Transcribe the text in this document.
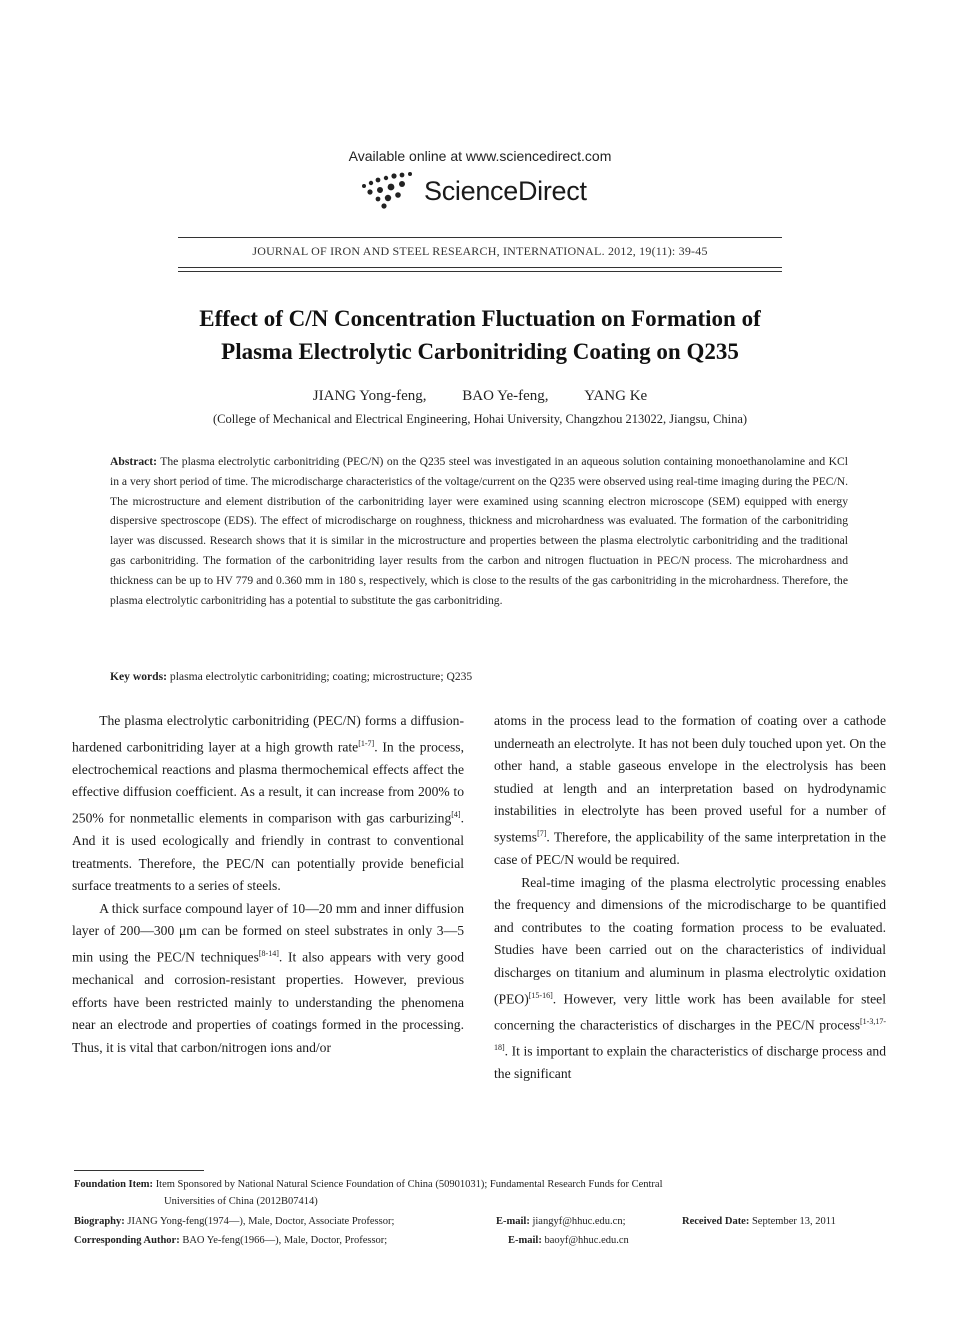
Available online at www.sciencedirect.com
ScienceDirect
JOURNAL OF IRON AND STEEL RESEARCH, INTERNATIONAL. 2012, 19(11): 39-45
Effect of C/N Concentration Fluctuation on Formation of
Plasma Electrolytic Carbonitriding Coating on Q235
JIANG Yong-feng, BAO Ye-feng, YANG Ke
(College of Mechanical and Electrical Engineering, Hohai University, Changzhou 213022, Jiangsu, China)
Abstract: The plasma electrolytic carbonitriding (PEC/N) on the Q235 steel was investigated in an aqueous solution containing monoethanolamine and KCl in a very short period of time. The microdischarge characteristics of the voltage/current on the Q235 were observed using real-time imaging during the PEC/N. The microstructure and element distribution of the carbonitriding layer were examined using scanning electron microscope (SEM) equipped with energy dispersive spectroscope (EDS). The effect of microdischarge on roughness, thickness and microhardness was evaluated. The formation of the carbonitriding layer was discussed. Research shows that it is similar in the microstructure and properties between the plasma electrolytic carbonitriding and the traditional gas carbonitriding. The formation of the carbonitriding layer results from the carbon and nitrogen fluctuation in PEC/N process. The microhardness and thickness can be up to HV 779 and 0.360 mm in 180 s, respectively, which is close to the results of the gas carbonitriding in the microhardness. Therefore, the plasma electrolytic carbonitriding has a potential to substitute the gas carbonitriding.
Key words: plasma electrolytic carbonitriding; coating; microstructure; Q235

The plasma electrolytic carbonitriding (PEC/N) forms a diffusion-hardened carbonitriding layer at a high growth rate[1-7]. In the process, electrochemical reactions and plasma thermochemical effects affect the effective diffusion coefficient. As a result, it can increase from 200% to 250% for nonmetallic elements in comparison with gas carburizing[4]. And it is used ecologically and friendly in contrast to conventional treatments. Therefore, the PEC/N can potentially provide beneficial surface treatments to a series of steels.

A thick surface compound layer of 10—20 mm and inner diffusion layer of 200—300 μm can be formed on steel substrates in only 3—5 min using the PEC/N techniques[8-14]. It also appears with very good mechanical and corrosion-resistant properties. However, previous efforts have been restricted mainly to understanding the phenomena near an electrode and properties of coatings formed in the processing. Thus, it is vital that carbon/nitrogen ions and/or

atoms in the process lead to the formation of coating over a cathode underneath an electrolyte. It has not been duly touched upon yet. On the other hand, a stable gaseous envelope in the electrolysis has been studied at length and an interpretation based on hydrodynamic instabilities in electrolyte has been proved useful for a number of systems[7]. Therefore, the applicability of the same interpretation in the case of PEC/N would be required.

Real-time imaging of the plasma electrolytic processing enables the frequency and dimensions of the microdischarge to be quantified and contributes to the coating formation process to be evaluated. Studies have been carried out on the characteristics of individual discharges on titanium and aluminum in plasma electrolytic oxidation (PEO)[15-16]. However, very little work has been available for steel concerning the characteristics of discharges in the PEC/N process[1-3,17-18]. It is important to explain the characteristics of discharge process and the significant

Foundation Item: Item Sponsored by National Natural Science Foundation of China (50901031); Fundamental Research Funds for Central
Universities of China (2012B07414)
Biography: JIANG Yong-feng(1974—), Male, Doctor, Associate Professor;	E-mail: jiangyf@hhuc.edu.cn;	Received Date: September 13, 2011
Corresponding Author: BAO Ye-feng(1966—), Male, Doctor, Professor;	E-mail: baoyf@hhuc.edu.cn
